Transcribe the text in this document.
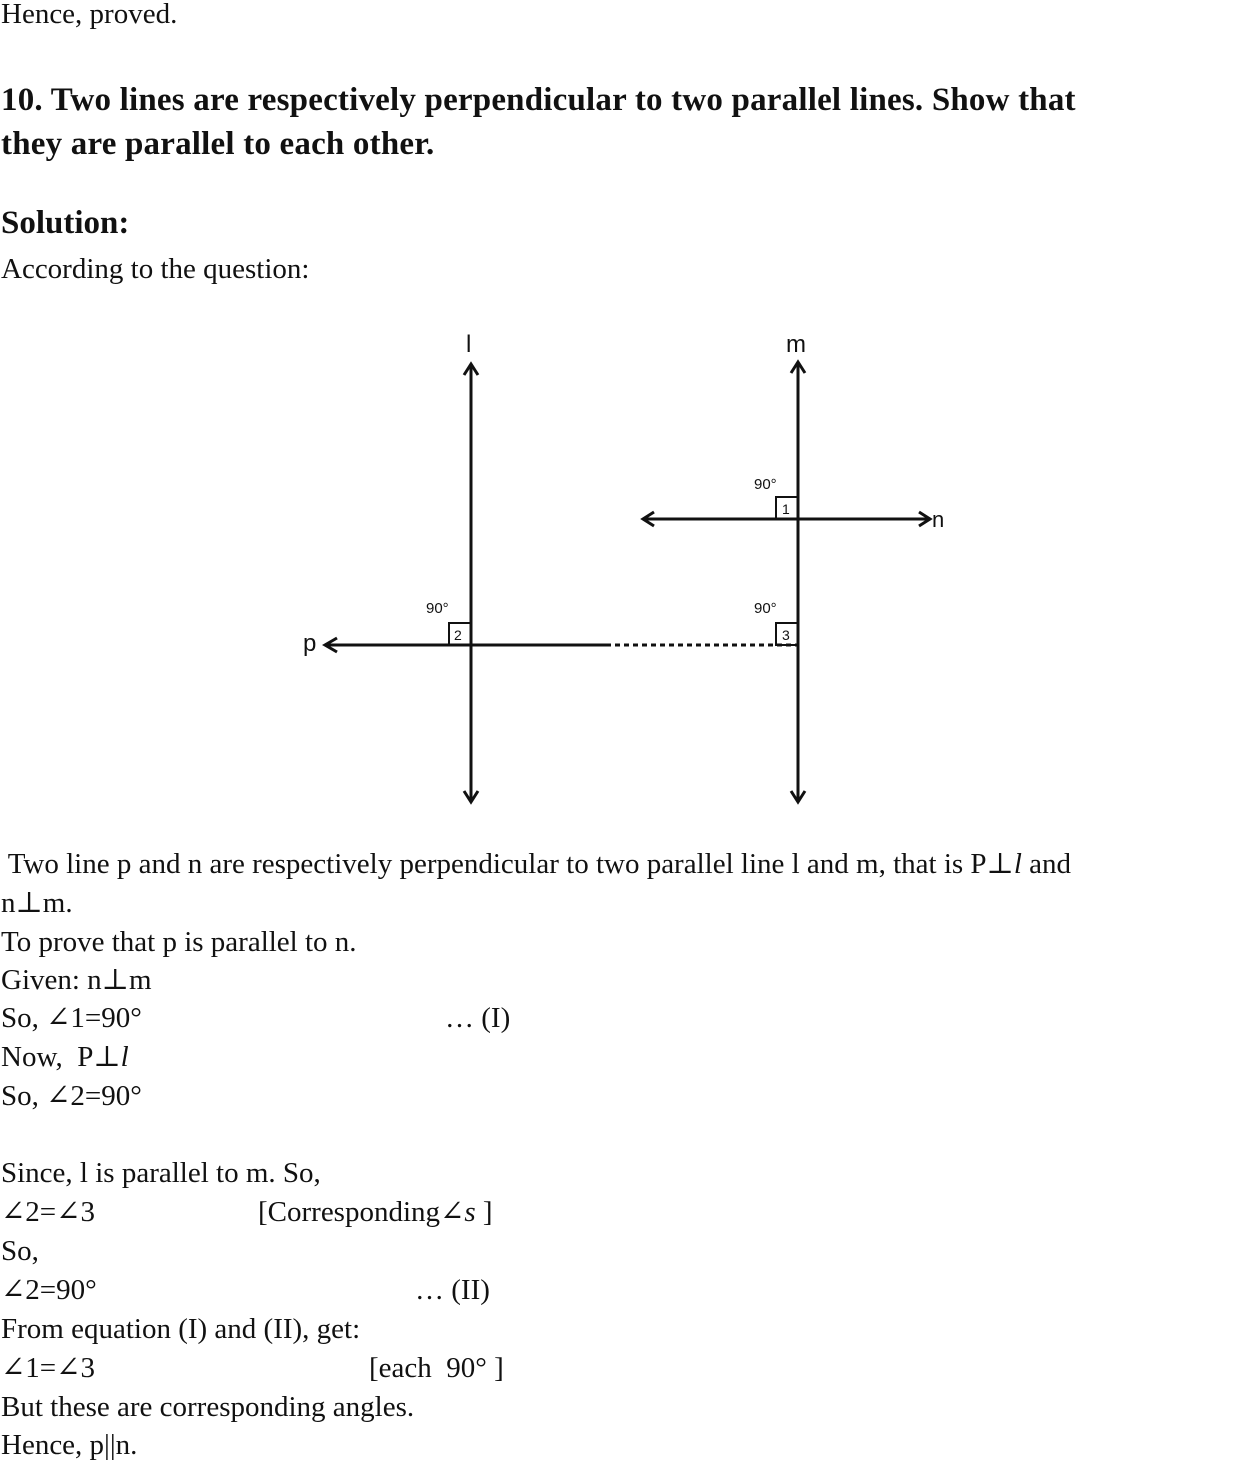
Hence, proved.
10. Two lines are respectively perpendicular to two parallel lines. Show that
they are parallel to each other.
Solution:
According to the question:
l	m
n
p
1
2	3
90°
90°	90°
Two line p and n are respectively perpendicular to two parallel line l and m, that is P⊥l and
n⊥m.
To prove that p is parallel to n.
Given: n⊥m
So, ∠1=90°	… (I)
Now,  P⊥l
So, ∠2=90°
Since, l is parallel to m. So,
∠2=∠3	[Corresponding∠s ]
So,
∠2=90°	… (II)
From equation (I) and (II), get:
∠1=∠3	[each  90° ]
But these are corresponding angles.
Hence, p||n.
